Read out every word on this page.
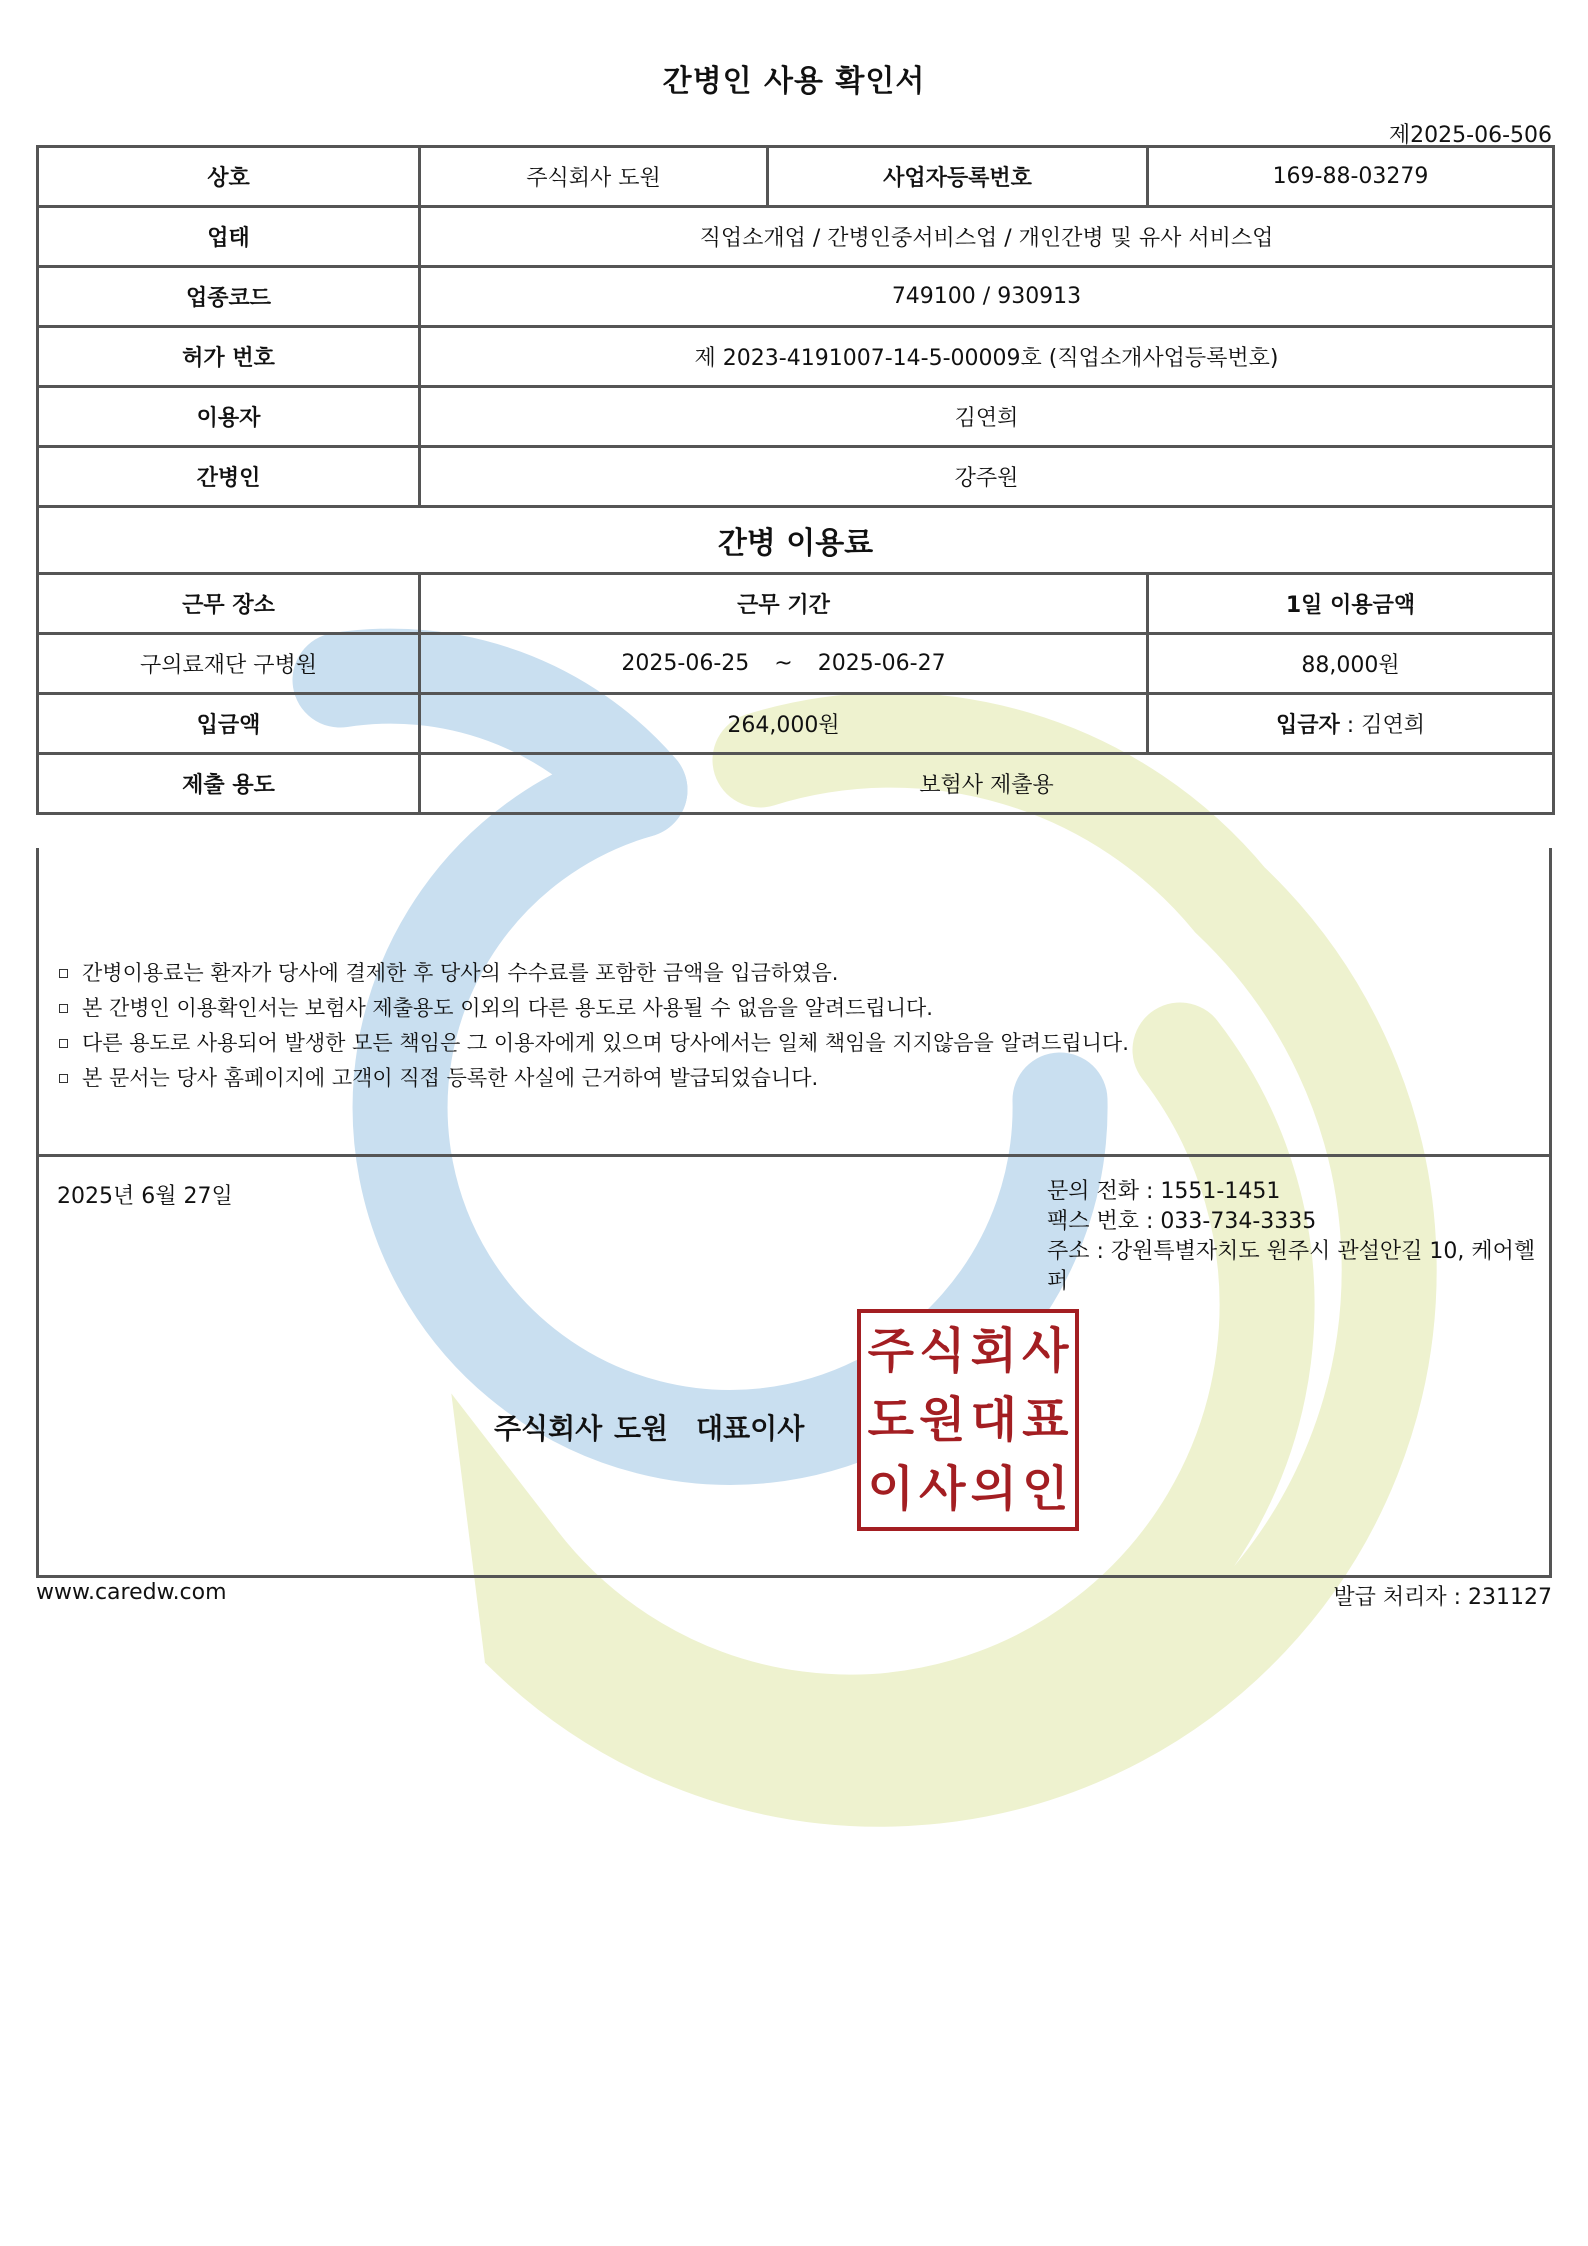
간병인 사용 확인서
제2025-06-506
상호	주식회사 도원	사업자등록번호	169-88-03279
업태	직업소개업 / 간병인중서비스업 / 개인간병 및 유사 서비스업		
업종코드	749100 / 930913		
허가 번호	제 2023-4191007-14-5-00009호 (직업소개사업등록번호)		
이용자	김연희		
간병인	강주원		
간병 이용료			
근무 장소	근무 기간		1일 이용금액
구의료재단 구병원	2025-06-25 ~ 2025-06-27		88,000원
입금액	264,000원		입금자 : 김연희
제출 용도	보험사 제출용		
간병이용료는 환자가 당사에 결제한 후 당사의 수수료를 포함한 금액을 입금하였음.
본 간병인 이용확인서는 보험사 제출용도 이외의 다른 용도로 사용될 수 없음을 알려드립니다.
다른 용도로 사용되어 발생한 모든 책임은 그 이용자에게 있으며 당사에서는 일체 책임을 지지않음을 알려드립니다.
본 문서는 당사 홈페이지에 고객이 직접 등록한 사실에 근거하여 발급되었습니다.
2025년 6월 27일	문의 전화 : 1551-1451
팩스 번호 : 033-734-3335
주소 : 강원특별자치도 원주시 관설안길 10, 케어헬퍼
주식회사 도원 대표이사
주 식 회 사
도 원 대 표
이 사 의 인
www.caredw.com	발급 처리자 : 231127
